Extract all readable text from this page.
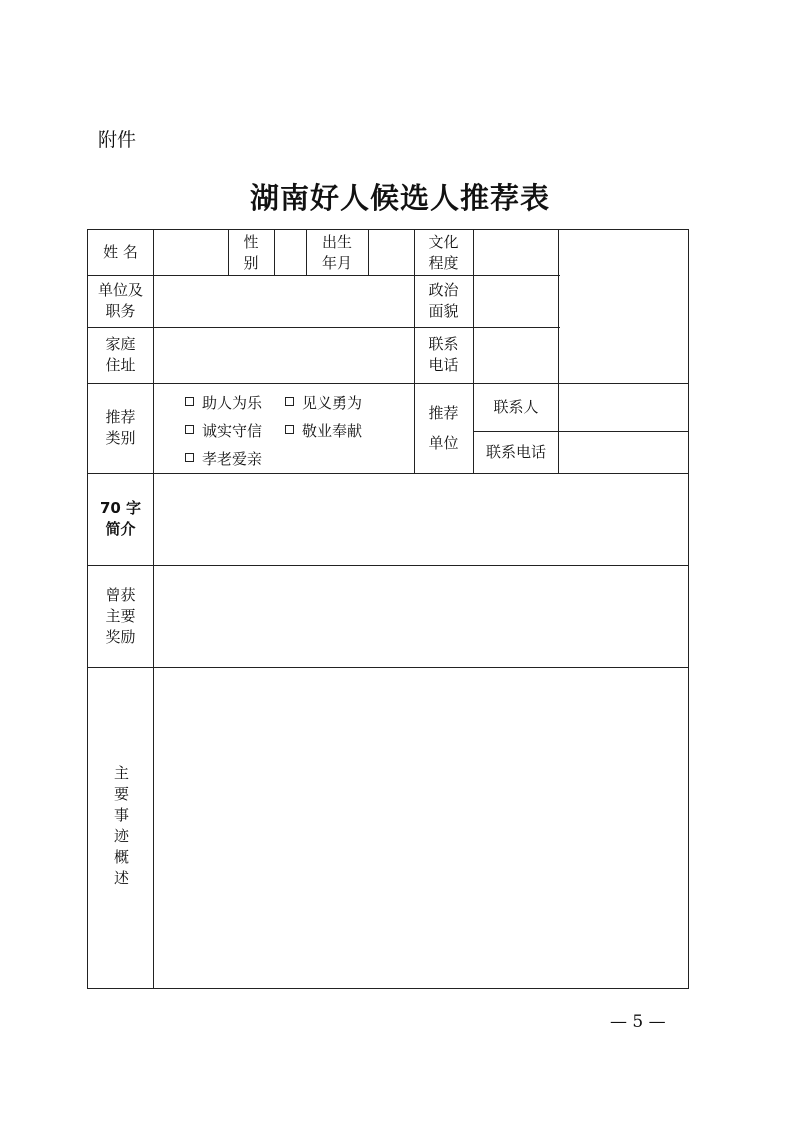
附件
湖南好人候选人推荐表
姓 名
性
别
出生
年月
文化
程度
单位及
职务
政治
面貌
家庭
住址
联系
电话
推荐
类别
助人为乐	见义勇为
诚实守信	敬业奉献
孝老爱亲
推荐
单位
联系人
联系电话
70 字
简介
曾获
主要
奖励
主要事迹概述
— 5 —
